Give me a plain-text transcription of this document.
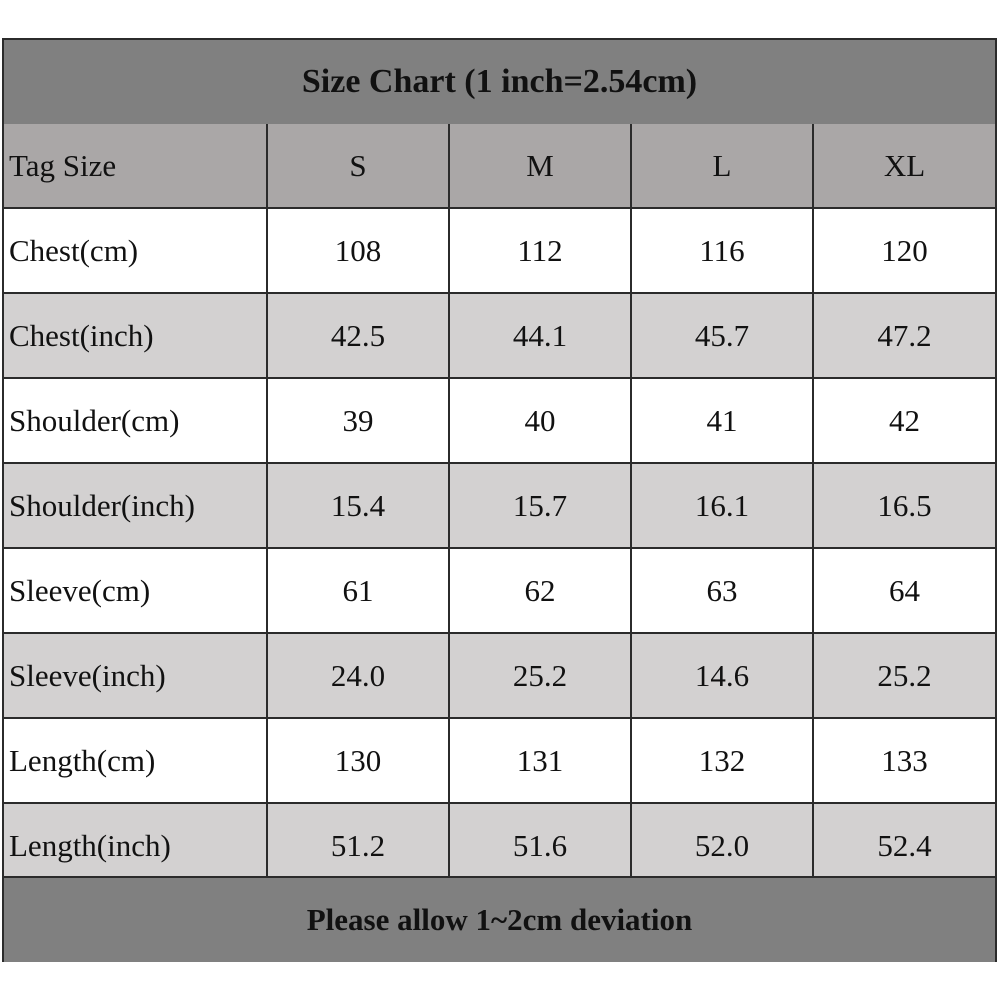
Size Chart (1 inch=2.54cm)
Tag Size	S	M	L	XL
Chest(cm)	108	112	116	120
Chest(inch)	42.5	44.1	45.7	47.2
Shoulder(cm)	39	40	41	42
Shoulder(inch)	15.4	15.7	16.1	16.5
Sleeve(cm)	61	62	63	64
Sleeve(inch)	24.0	25.2	14.6	25.2
Length(cm)	130	131	132	133
Length(inch)	51.2	51.6	52.0	52.4
Please allow 1~2cm deviation
